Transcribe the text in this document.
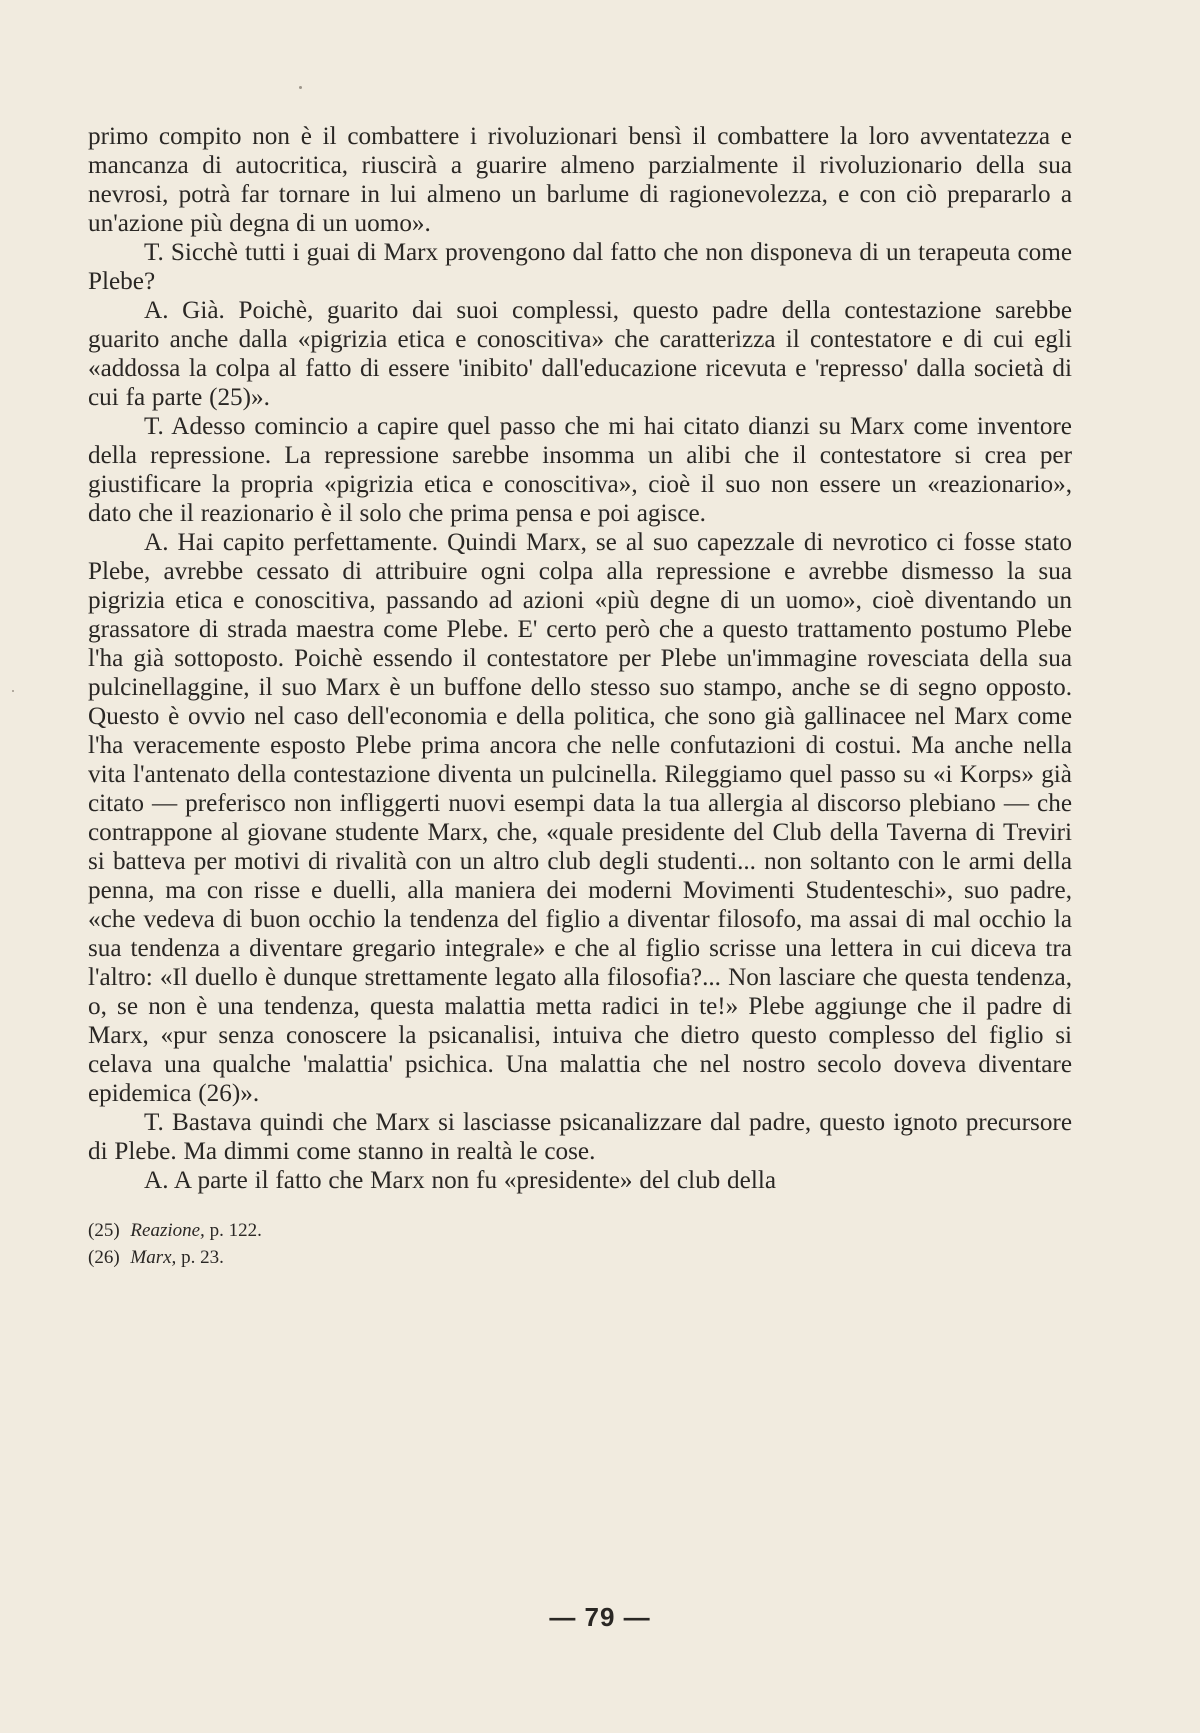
primo compito non è il combattere i rivoluzionari bensì il combattere la loro avventatezza e mancanza di autocritica, riuscirà a guarire almeno parzialmente il rivoluzionario della sua nevrosi, potrà far tornare in lui almeno un barlume di ragionevolezza, e con ciò prepararlo a un'azione più degna di un uomo».

T. Sicchè tutti i guai di Marx provengono dal fatto che non disponeva di un terapeuta come Plebe?

A. Già. Poichè, guarito dai suoi complessi, questo padre della contestazione sarebbe guarito anche dalla «pigrizia etica e conoscitiva» che caratterizza il contestatore e di cui egli «addossa la colpa al fatto di essere 'inibito' dall'educazione ricevuta e 'represso' dalla società di cui fa parte (25)».

T. Adesso comincio a capire quel passo che mi hai citato dianzi su Marx come inventore della repressione. La repressione sarebbe insomma un alibi che il contestatore si crea per giustificare la propria «pigrizia etica e conoscitiva», cioè il suo non essere un «reazionario», dato che il reazionario è il solo che prima pensa e poi agisce.

A. Hai capito perfettamente. Quindi Marx, se al suo capezzale di nevrotico ci fosse stato Plebe, avrebbe cessato di attribuire ogni colpa alla repressione e avrebbe dismesso la sua pigrizia etica e conoscitiva, passando ad azioni «più degne di un uomo», cioè diventando un grassatore di strada maestra come Plebe. E' certo però che a questo trattamento postumo Plebe l'ha già sottoposto. Poichè essendo il contestatore per Plebe un'immagine rovesciata della sua pulcinellaggine, il suo Marx è un buffone dello stesso suo stampo, anche se di segno opposto. Questo è ovvio nel caso dell'economia e della politica, che sono già gallinacee nel Marx come l'ha veracemente esposto Plebe prima ancora che nelle confutazioni di costui. Ma anche nella vita l'antenato della contestazione diventa un pulcinella. Rileggiamo quel passo su «i Korps» già citato — preferisco non infliggerti nuovi esempi data la tua allergia al discorso plebiano — che contrappone al giovane studente Marx, che, «quale presidente del Club della Taverna di Treviri si batteva per motivi di rivalità con un altro club degli studenti... non soltanto con le armi della penna, ma con risse e duelli, alla maniera dei moderni Movimenti Studenteschi», suo padre, «che vedeva di buon occhio la tendenza del figlio a diventar filosofo, ma assai di mal occhio la sua tendenza a diventare gregario integrale» e che al figlio scrisse una lettera in cui diceva tra l'altro: «Il duello è dunque strettamente legato alla filosofia?... Non lasciare che questa tendenza, o, se non è una tendenza, questa malattia metta radici in te!» Plebe aggiunge che il padre di Marx, «pur senza conoscere la psicanalisi, intuiva che dietro questo complesso del figlio si celava una qualche 'malattia' psichica. Una malattia che nel nostro secolo doveva diventare epidemica (26)».

T. Bastava quindi che Marx si lasciasse psicanalizzare dal padre, questo ignoto precursore di Plebe. Ma dimmi come stanno in realtà le cose.

A. A parte il fatto che Marx non fu «presidente» del club della

(25) Reazione, p. 122.
(26) Marx, p. 23.
— 79 —
